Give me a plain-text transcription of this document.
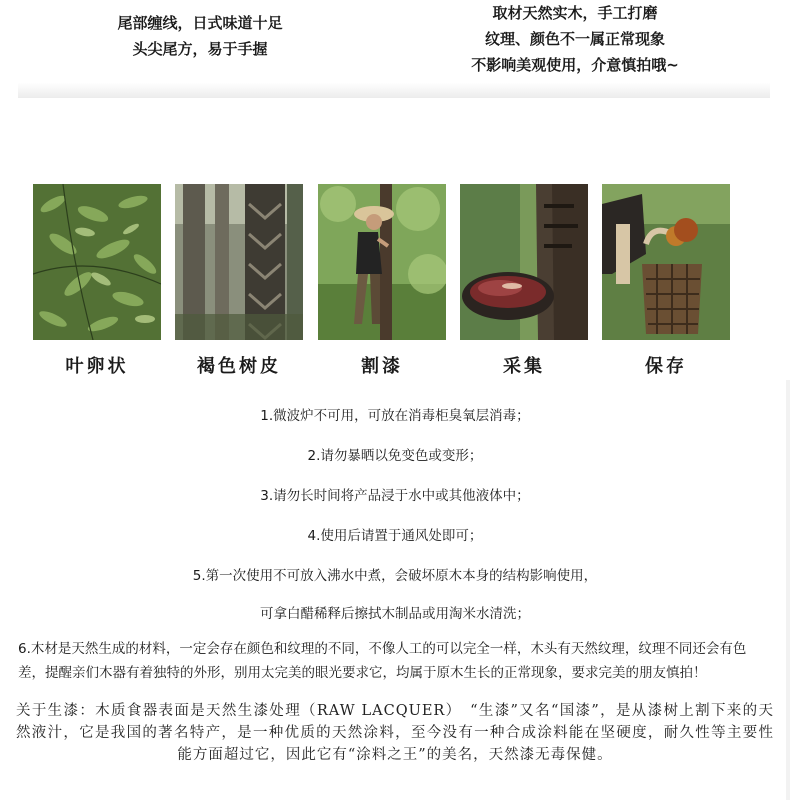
尾部缠线，日式味道十足
头尖尾方，易于手握
取材天然实木，手工打磨
纹理、颜色不一属正常现象
不影响美观使用，介意慎拍哦~
叶卵状	褐色树皮	割漆	采集	保存
1.微波炉不可用，可放在消毒柜臭氧层消毒；
2.请勿暴晒以免变色或变形；
3.请勿长时间将产品浸于水中或其他液体中；
4.使用后请置于通风处即可；
5.第一次使用不可放入沸水中煮，会破坏原木本身的结构影响使用，
可拿白醋稀释后擦拭木制品或用淘米水清洗；
6.木材是天然生成的材料，一定会存在颜色和纹理的不同，不像人工的可以完全一样，木头有天然纹理，纹理不同还会有色差，提醒亲们木器有着独特的外形，别用太完美的眼光要求它，均属于原木生长的正常现象，要求完美的朋友慎拍！
关于生漆：木质食器表面是天然生漆处理（RAW LACQUER）　“生漆”又名“国漆”，是从漆树上割下来的天然液汁，它是我国的著名特产，是一种优质的天然涂料，至今没有一种合成涂料能在坚硬度，耐久性等主要性能方面超过它，因此它有“涂料之王”的美名，天然漆无毒保健。
